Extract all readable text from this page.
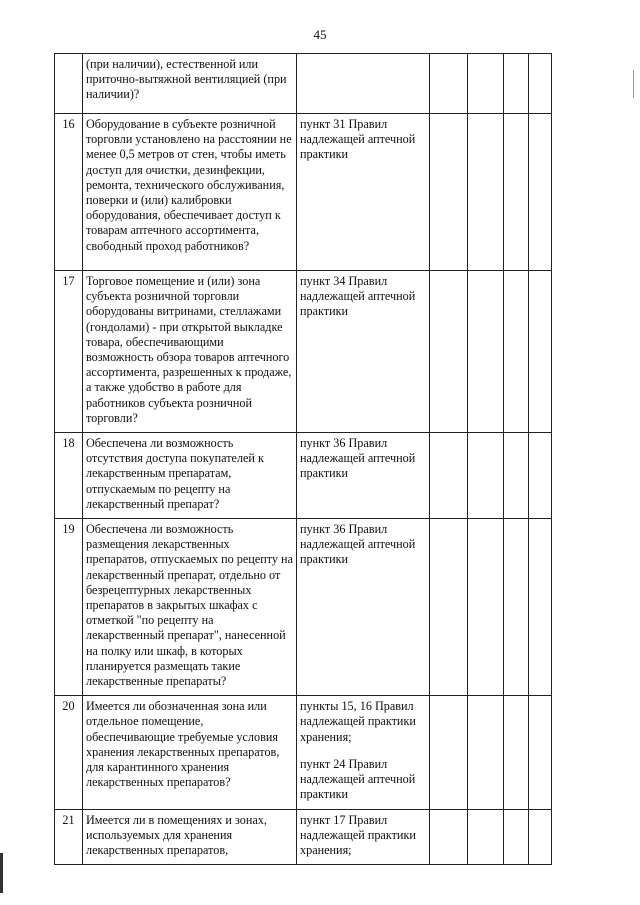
45
	(при наличии), естественной или приточно-вытяжной вентиляцией (при наличии)?					
16	Оборудование в субъекте розничной торговли установлено на расстоянии не менее 0,5 метров от стен, чтобы иметь доступ для очистки, дезинфекции, ремонта, технического обслуживания, поверки и (или) калибровки оборудования, обеспечивает доступ к товарам аптечного ассортимента, свободный проход работников?	пункт 31 Правил надлежащей аптечной практики				

17	Торговое помещение и (или) зона субъекта розничной торговли оборудованы витринами, стеллажами (гондолами) - при открытой выкладке товара, обеспечивающими возможность обзора товаров аптечного ассортимента, разрешенных к продаже, а также удобство в работе для работников субъекта розничной торговли?	пункт 34 Правил надлежащей аптечной практики				

18	Обеспечена ли возможность отсутствия доступа покупателей к лекарственным препаратам, отпускаемым по рецепту на лекарственный препарат?	пункт 36 Правил надлежащей аптечной практики				

19	Обеспечена ли возможность размещения лекарственных препаратов, отпускаемых по рецепту на лекарственный препарат, отдельно от безрецептурных лекарственных препаратов в закрытых шкафах с отметкой "по рецепту на лекарственный препарат", нанесенной на полку или шкаф, в которых планируется размещать такие лекарственные препараты?	пункт 36 Правил надлежащей аптечной практики				

20	Имеется ли обозначенная зона или отдельное помещение, обеспечивающие требуемые условия хранения лекарственных препаратов, для карантинного хранения лекарственных препаратов?	пункты 15, 16 Правил надлежащей практики хранения;
пункт 24 Правил надлежащей аптечной практики				

21	Имеется ли в помещениях и зонах, используемых для хранения лекарственных препаратов,	пункт 17 Правил надлежащей практики хранения;				
